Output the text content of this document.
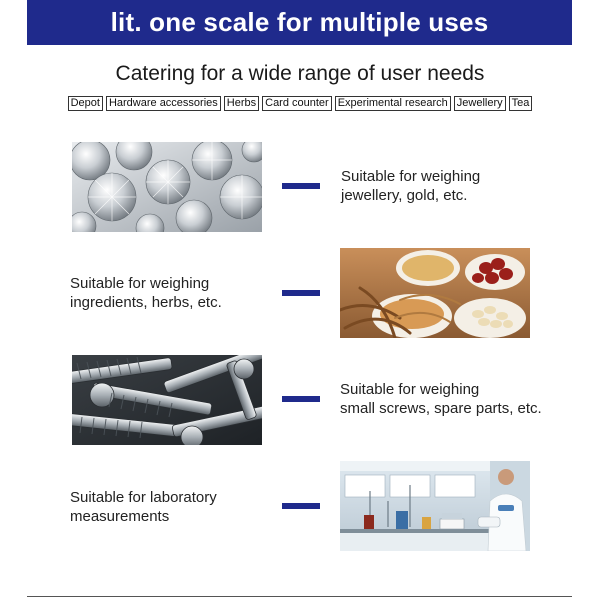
lit. one scale for multiple uses
Catering for a wide range of user needs
Depot Hardware accessories Herbs Card counter Experimental research Jewellery Tea
Suitable for weighing
jewellery, gold, etc.
Suitable for weighing
ingredients, herbs, etc.
Suitable for weighing
small screws, spare parts, etc.
Suitable for laboratory
measurements
